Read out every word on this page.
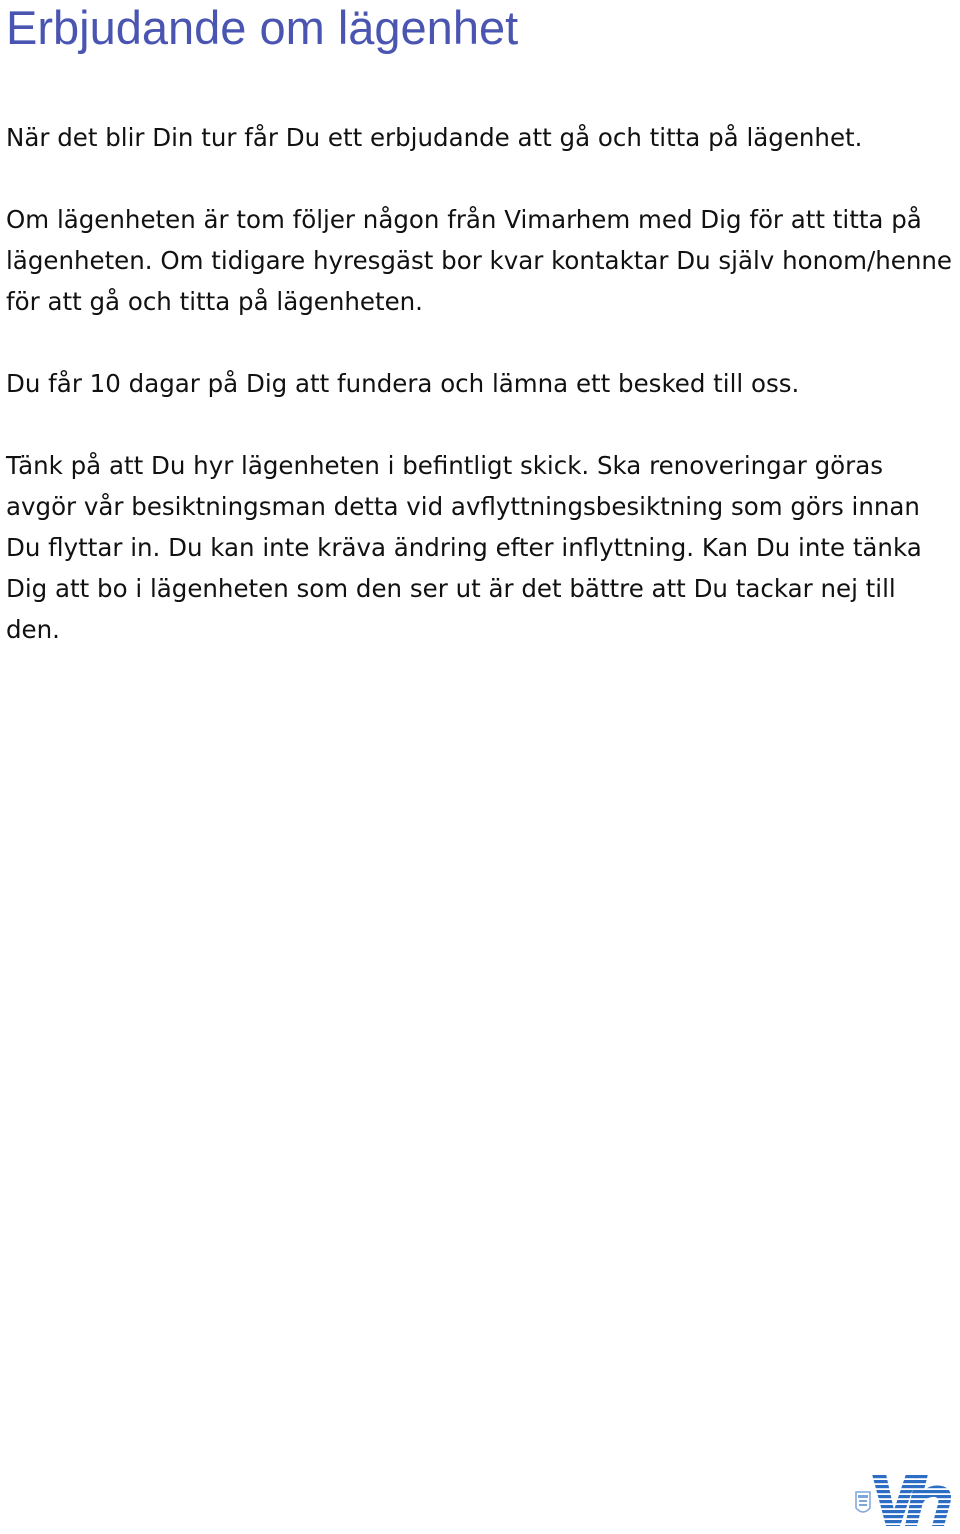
Erbjudande om lägenhet

När det blir Din tur får Du ett erbjudande att gå och titta på lägenhet.

Om lägenheten är tom följer någon från Vimarhem med Dig för att titta på lägenheten. Om tidigare hyresgäst bor kvar kontaktar Du själv honom/henne för att gå och titta på lägenheten.

Du får 10 dagar på Dig att fundera och lämna ett besked till oss.

Tänk på att Du hyr lägenheten i befintligt skick. Ska renoveringar göras avgör vår besiktningsman detta vid avflyttningsbesiktning som görs innan Du flyttar in. Du kan inte kräva ändring efter inflyttning. Kan Du inte tänka Dig att bo i lägenheten som den ser ut är det bättre att Du tackar nej till den.
